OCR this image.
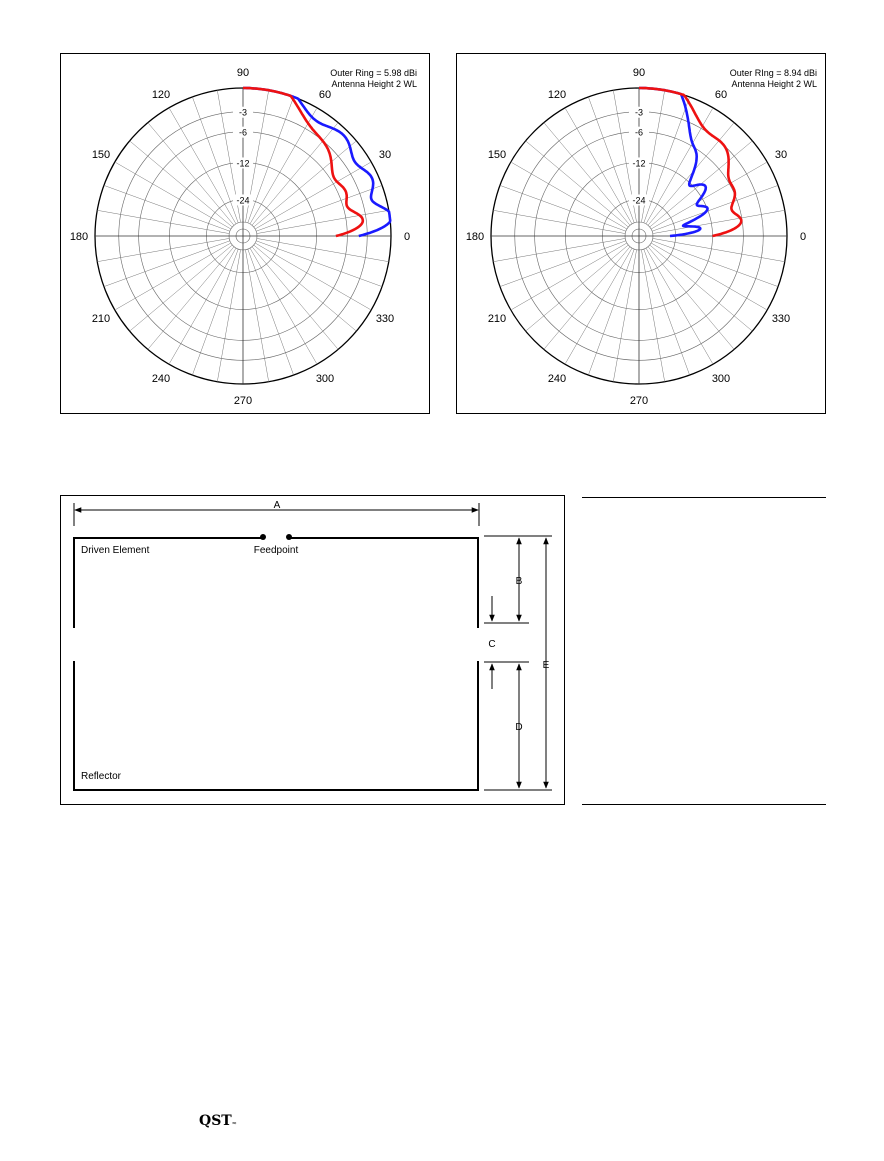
90
60
30
0
330
300
270
240
210
180
150
120
-3
-6
-12
-24
Outer Ring = 5.98 dBi
Antenna Height 2 WL
90
60
30
0
330
300
270
240
210
180
150
120
-3
-6
-12
-24
Outer RIng = 8.94 dBi
Antenna Height 2 WL
A
Driven Element	Feedpoint
Reflector
B
C
D
E
QST≈
